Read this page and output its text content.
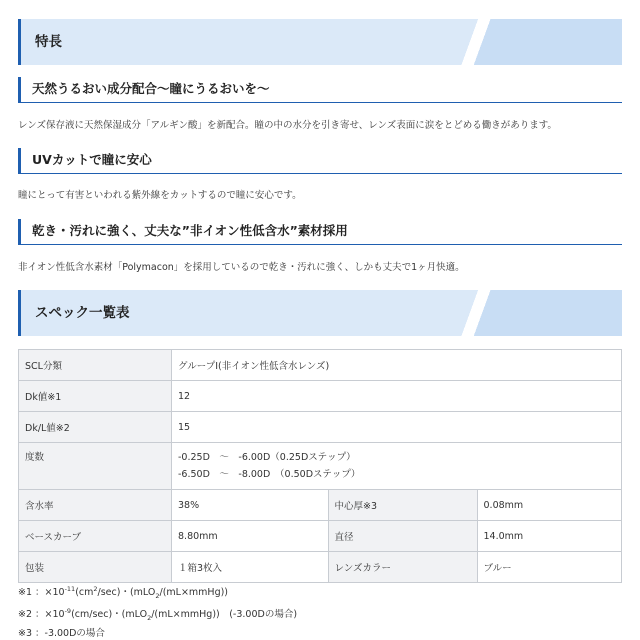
特長
天然うるおい成分配合〜瞳にうるおいを〜
レンズ保存液に天然保湿成分「アルギン酸」を新配合。瞳の中の水分を引き寄せ、レンズ表面に涙をとどめる働きがあります。
UVカットで瞳に安心
瞳にとって有害といわれる紫外線をカットするので瞳に安心です。
乾き・汚れに強く、丈夫な”非イオン性低含水”素材採用
非イオン性低含水素材「Polymacon」を採用しているので乾き・汚れに強く、しかも丈夫で1ヶ月快適。
スペック一覧表
SCL分類	グループⅠ(非イオン性低含水レンズ)		
Dk値※1	12		
Dk/L値※2	15		
度数	-0.25D　～　-6.00D（0.25Dステップ）
-6.50D　～　-8.00D　（0.50Dステップ）		

含水率	38%	中心厚※3	0.08mm
ベースカーブ	8.80mm	直径	14.0mm
包装	１箱3枚入	レンズカラー	ブルー
※1 ：$\times 10^{-11}(cm^2/\sec)$・(mLO$_2$/(mL×mmHg))
※2 ：$\times 10^{-9}(cm/\sec)$・(mLO$_2$/(mL×mmHg))　(-3.00Dの場合)
※3 ：-3.00Dの場合
